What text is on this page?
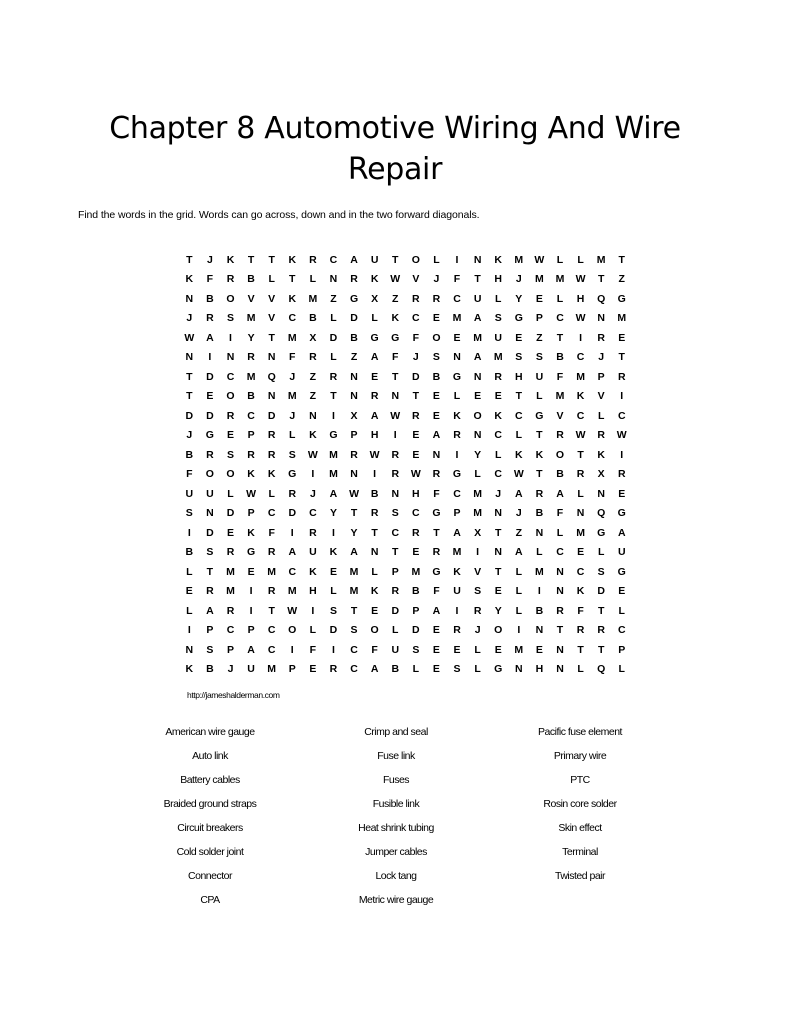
Chapter 8 Automotive Wiring And Wire Repair
Find the words in the grid. Words can go across, down and in the two forward diagonals.
T	J	K	T	T	K	R	C	A	U	T	O	L	I	N	K	M	W	L	L	M	T
K	F	R	B	L	T	L	N	R	K	W	V	J	F	T	H	J	M	M	W	T	Z
N	B	O	V	V	K	M	Z	G	X	Z	R	R	C	U	L	Y	E	L	H	Q	G
J	R	S	M	V	C	B	L	D	L	K	C	E	M	A	S	G	P	C	W	N	M
W	A	I	Y	T	M	X	D	B	G	G	F	O	E	M	U	E	Z	T	I	R	E
N	I	N	R	N	F	R	L	Z	A	F	J	S	N	A	M	S	S	B	C	J	T
T	D	C	M	Q	J	Z	R	N	E	T	D	B	G	N	R	H	U	F	M	P	R
T	E	O	B	N	M	Z	T	N	R	N	T	E	L	E	E	T	L	M	K	V	I
D	D	R	C	D	J	N	I	X	A	W	R	E	K	O	K	C	G	V	C	L	C
J	G	E	P	R	L	K	G	P	H	I	E	A	R	N	C	L	T	R	W	R	W
B	R	S	R	R	S	W	M	R	W	R	E	N	I	Y	L	K	K	O	T	K	I
F	O	O	K	K	G	I	M	N	I	R	W	R	G	L	C	W	T	B	R	X	R
U	U	L	W	L	R	J	A	W	B	N	H	F	C	M	J	A	R	A	L	N	E
S	N	D	P	C	D	C	Y	T	R	S	C	G	P	M	N	J	B	F	N	Q	G
I	D	E	K	F	I	R	I	Y	T	C	R	T	A	X	T	Z	N	L	M	G	A
B	S	R	G	R	A	U	K	A	N	T	E	R	M	I	N	A	L	C	E	L	U
L	T	M	E	M	C	K	E	M	L	P	M	G	K	V	T	L	M	N	C	S	G
E	R	M	I	R	M	H	L	M	K	R	B	F	U	S	E	L	I	N	K	D	E
L	A	R	I	T	W	I	S	T	E	D	P	A	I	R	Y	L	B	R	F	T	L
I	P	C	P	C	O	L	D	S	O	L	D	E	R	J	O	I	N	T	R	R	C
N	S	P	A	C	I	F	I	C	F	U	S	E	E	L	E	M	E	N	T	T	P
K	B	J	U	M	P	E	R	C	A	B	L	E	S	L	G	N	H	N	L	Q	L
http://jameshalderman.com
American wire gauge
Auto link
Battery cables
Braided ground straps
Circuit breakers
Cold solder joint
Connector
CPA
Crimp and seal
Fuse link
Fuses
Fusible link
Heat shrink tubing
Jumper cables
Lock tang
Metric wire gauge
Pacific fuse element
Primary wire
PTC
Rosin core solder
Skin effect
Terminal
Twisted pair
